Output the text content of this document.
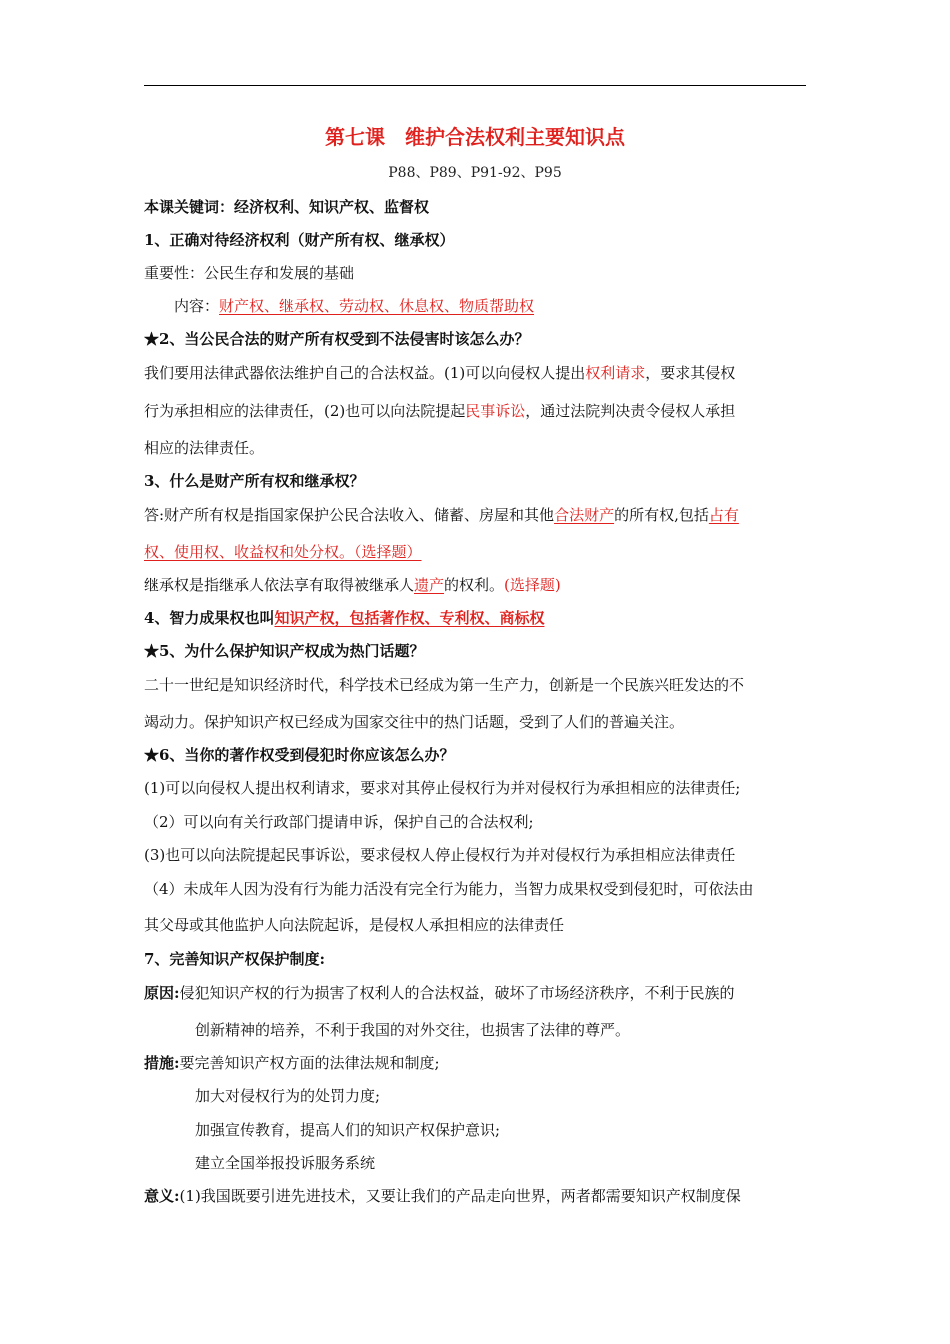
第七课　维护合法权利主要知识点
P88、P89、P91-92、P95
本课关键词：经济权利、知识产权、监督权
1、正确对待经济权利（财产所有权、继承权）
重要性：公民生存和发展的基础
内容：财产权、继承权、劳动权、休息权、物质帮助权
★2、当公民合法的财产所有权受到不法侵害时该怎么办？
我们要用法律武器依法维护自己的合法权益。(1)可以向侵权人提出权利请求，要求其侵权
行为承担相应的法律责任，(2)也可以向法院提起民事诉讼，通过法院判决责令侵权人承担
相应的法律责任。
3、什么是财产所有权和继承权？
答:财产所有权是指国家保护公民合法收入、储蓄、房屋和其他合法财产的所有权,包括占有
权、使用权、收益权和处分权。（选择题）
继承权是指继承人依法享有取得被继承人遗产的权利。(选择题)
4、智力成果权也叫知识产权，包括著作权、专利权、商标权
★5、为什么保护知识产权成为热门话题？
二十一世纪是知识经济时代，科学技术已经成为第一生产力，创新是一个民族兴旺发达的不
竭动力。保护知识产权已经成为国家交往中的热门话题，受到了人们的普遍关注。
★6、当你的著作权受到侵犯时你应该怎么办？
(1)可以向侵权人提出权利请求，要求对其停止侵权行为并对侵权行为承担相应的法律责任;
（2）可以向有关行政部门提请申诉，保护自己的合法权利;
(3)也可以向法院提起民事诉讼，要求侵权人停止侵权行为并对侵权行为承担相应法律责任
（4）未成年人因为没有行为能力活没有完全行为能力，当智力成果权受到侵犯时，可依法由
其父母或其他监护人向法院起诉，是侵权人承担相应的法律责任
7、完善知识产权保护制度:
原因:侵犯知识产权的行为损害了权利人的合法权益，破坏了市场经济秩序，不利于民族的
创新精神的培养，不利于我国的对外交往，也损害了法律的尊严。
措施:要完善知识产权方面的法律法规和制度;
加大对侵权行为的处罚力度;
加强宣传教育，提高人们的知识产权保护意识;
建立全国举报投诉服务系统
意义:(1)我国既要引进先进技术，又要让我们的产品走向世界，两者都需要知识产权制度保
